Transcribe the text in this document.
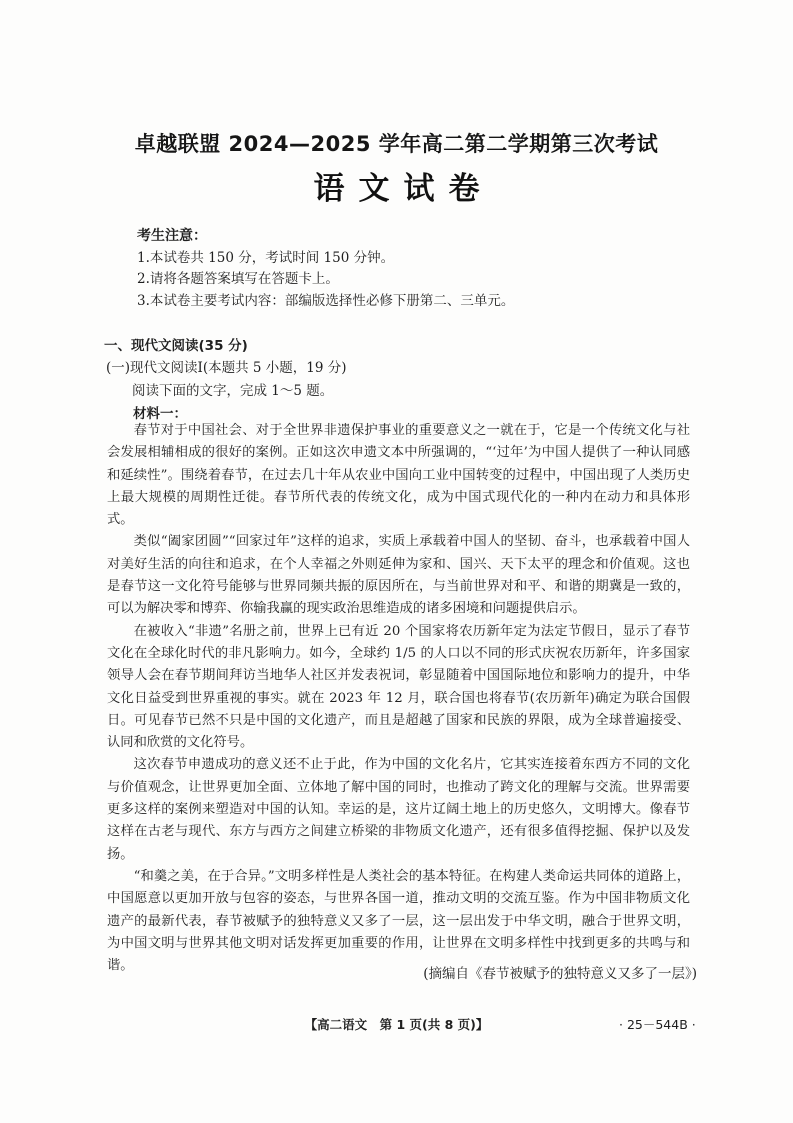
卓越联盟 2024—2025 学年高二第二学期第三次考试
语文试卷
考生注意：
1.本试卷共 150 分，考试时间 150 分钟。
2.请将各题答案填写在答题卡上。
3.本试卷主要考试内容：部编版选择性必修下册第二、三单元。
一、现代文阅读(35 分)
(一)现代文阅读Ⅰ(本题共 5 小题，19 分)
阅读下面的文字，完成 1～5 题。
材料一：

春节对于中国社会、对于全世界非遗保护事业的重要意义之一就在于，它是一个传统文化与社会发展相辅相成的很好的案例。正如这次申遗文本中所强调的，“‘过年’为中国人提供了一种认同感和延续性”。围绕着春节，在过去几十年从农业中国向工业中国转变的过程中，中国出现了人类历史上最大规模的周期性迁徙。春节所代表的传统文化，成为中国式现代化的一种内在动力和具体形式。

类似“阖家团圆”“回家过年”这样的追求，实质上承载着中国人的坚韧、奋斗，也承载着中国人对美好生活的向往和追求，在个人幸福之外则延伸为家和、国兴、天下太平的理念和价值观。这也是春节这一文化符号能够与世界同频共振的原因所在，与当前世界对和平、和谐的期冀是一致的，可以为解决零和博弈、你输我赢的现实政治思维造成的诸多困境和问题提供启示。

在被收入“非遗”名册之前，世界上已有近 20 个国家将农历新年定为法定节假日，显示了春节文化在全球化时代的非凡影响力。如今，全球约 1/5 的人口以不同的形式庆祝农历新年，许多国家领导人会在春节期间拜访当地华人社区并发表祝词，彰显随着中国国际地位和影响力的提升，中华文化日益受到世界重视的事实。就在 2023 年 12 月，联合国也将春节(农历新年)确定为联合国假日。可见春节已然不只是中国的文化遗产，而且是超越了国家和民族的界限，成为全球普遍接受、认同和欣赏的文化符号。

这次春节申遗成功的意义还不止于此，作为中国的文化名片，它其实连接着东西方不同的文化与价值观念，让世界更加全面、立体地了解中国的同时，也推动了跨文化的理解与交流。世界需要更多这样的案例来塑造对中国的认知。幸运的是，这片辽阔土地上的历史悠久，文明博大。像春节这样在古老与现代、东方与西方之间建立桥梁的非物质文化遗产，还有很多值得挖掘、保护以及发扬。

“和羹之美，在于合异。”文明多样性是人类社会的基本特征。在构建人类命运共同体的道路上，中国愿意以更加开放与包容的姿态，与世界各国一道，推动文明的交流互鉴。作为中国非物质文化遗产的最新代表，春节被赋予的独特意义又多了一层，这一层出发于中华文明，融合于世界文明，为中国文明与世界其他文明对话发挥更加重要的作用，让世界在文明多样性中找到更多的共鸣与和谐。

(摘编自《春节被赋予的独特意义又多了一层》)
【高二语文　第 1 页(共 8 页)】	· 25－544B ·
